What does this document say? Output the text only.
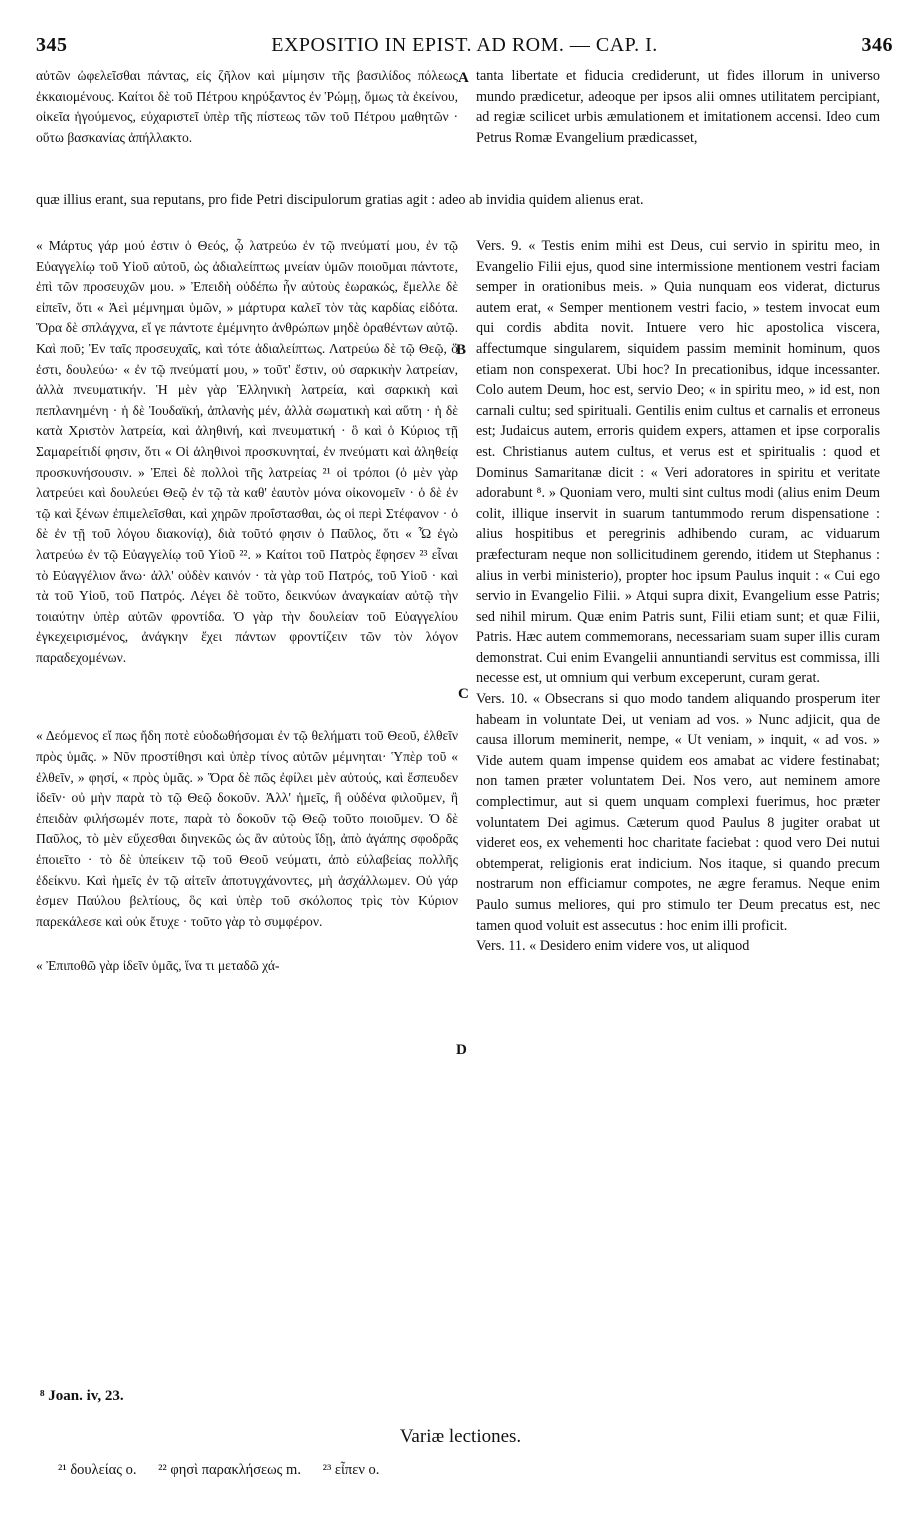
345	EXPOSITIO IN EPIST. AD ROM. — CAP. I.	346

αὐτῶν ὠφελεῖσθαι πάντας, εἰς ζῆλον καὶ μίμησιν τῆς βασιλίδος πόλεως ἐκκαιομένους. Καίτοι δὲ τοῦ Πέτρου κηρύξαντος ἐν Ῥώμῃ, ὅμως τὰ ἐκείνου, οἰκεῖα ἡγούμενος, εὐχαριστεῖ ὑπὲρ τῆς πίστεως τῶν τοῦ Πέτρου μαθητῶν · οὕτω βασκανίας ἀπήλλακτο.

tanta libertate et fiducia crediderunt, ut fides illorum in universo mundo prædicetur, adeoque per ipsos alii omnes utilitatem percipiant, ad regiæ scilicet urbis æmulationem et imitationem accensi. Ideo cum Petrus Romæ Evangelium prædicasset,

quæ illius erant, sua reputans, pro fide Petri discipulorum gratias agit : adeo ab invidia quidem alienus erat.

« Μάρτυς γάρ μού ἐστιν ὁ Θεός, ᾧ λατρεύω ἐν τῷ πνεύματί μου, ἐν τῷ Εὐαγγελίῳ τοῦ Υἱοῦ αὐτοῦ, ὡς ἀδιαλείπτως μνείαν ὑμῶν ποιοῦμαι πάντοτε, ἐπὶ τῶν προσευχῶν μου. » Ἐπειδὴ οὐδέπω ἦν αὐτοὺς ἑωρακώς, ἔμελλε δὲ εἰπεῖν, ὅτι « Ἀεὶ μέμνημαι ὑμῶν, » μάρτυρα καλεῖ τὸν τὰς καρδίας εἰδότα. Ὅρα δὲ σπλάγχνα, εἴ γε πάντοτε ἐμέμνητο ἀνθρώπων μηδὲ ὁραθέντων αὐτῷ. Καὶ ποῦ; Ἐν ταῖς προσευχαῖς, καὶ τότε ἀδιαλείπτως. Λατρεύω δὲ τῷ Θεῷ, ὅ ἐστι, δουλεύω· « ἐν τῷ πνεύματί μου, » τοῦτ' ἔστιν, οὐ σαρκικὴν λατρείαν, ἀλλὰ πνευματικήν. Ἡ μὲν γὰρ Ἑλληνικὴ λατρεία, καὶ σαρκικὴ καὶ πεπλανημένη · ἡ δὲ Ἰουδαϊκή, ἀπλανὴς μέν, ἀλλὰ σωματικὴ καὶ αὕτη · ἡ δὲ κατὰ Χριστὸν λατρεία, καὶ ἀληθινή, καὶ πνευματική · ὃ καὶ ὁ Κύριος τῇ Σαμαρείτιδί φησιν, ὅτι « Οἱ ἀληθινοὶ προσκυνηταί, ἐν πνεύματι καὶ ἀληθείᾳ προσκυνήσουσιν. » Ἐπεὶ δὲ πολλοὶ τῆς λατρείας ²¹ οἱ τρόποι (ὁ μὲν γὰρ λατρεύει καὶ δουλεύει Θεῷ ἐν τῷ τὰ καθ' ἑαυτὸν μόνα οἰκονομεῖν · ὁ δὲ ἐν τῷ καὶ ξένων ἐπιμελεῖσθαι, καὶ χηρῶν προΐστασθαι, ὡς οἱ περὶ Στέφανον · ὁ δὲ ἐν τῇ τοῦ λόγου διακονίᾳ), διὰ τοῦτό φησιν ὁ Παῦλος, ὅτι « Ὧ ἐγὼ λατρεύω ἐν τῷ Εὐαγγελίῳ τοῦ Υἱοῦ ²². » Καίτοι τοῦ Πατρὸς ἔφησεν ²³ εἶναι τὸ Εὐαγγέλιον ἄνω· ἀλλ' οὐδὲν καινόν · τὰ γὰρ τοῦ Πατρός, τοῦ Υἱοῦ · καὶ τὰ τοῦ Υἱοῦ, τοῦ Πατρός. Λέγει δὲ τοῦτο, δεικνύων ἀναγκαίαν αὐτῷ τὴν τοιαύτην ὑπὲρ αὐτῶν φροντίδα. Ὁ γὰρ τὴν δουλείαν τοῦ Εὐαγγελίου ἐγκεχειρισμένος, ἀνάγκην ἔχει πάντων φροντίζειν τῶν τὸν λόγον παραδεχομένων.

« Δεόμενος εἴ πως ἤδη ποτὲ εὐοδωθήσομαι ἐν τῷ θελήματι τοῦ Θεοῦ, ἐλθεῖν πρὸς ὑμᾶς. » Νῦν προστίθησι καὶ ὑπὲρ τίνος αὐτῶν μέμνηται· Ὑπὲρ τοῦ « ἐλθεῖν, » φησί, « πρὸς ὑμᾶς. » Ὅρα δὲ πῶς ἐφίλει μὲν αὐτούς, καὶ ἔσπευδεν ἰδεῖν· οὐ μὴν παρὰ τὸ τῷ Θεῷ δοκοῦν. Ἀλλ' ἡμεῖς, ἢ οὐδένα φιλοῦμεν, ἢ ἐπειδὰν φιλήσωμέν ποτε, παρὰ τὸ δοκοῦν τῷ Θεῷ τοῦτο ποιοῦμεν. Ὁ δὲ Παῦλος, τὸ μὲν εὔχεσθαι διηνεκῶς ὡς ἂν αὐτοὺς ἴδῃ, ἀπὸ ἀγάπης σφοδρᾶς ἐποιεῖτο · τὸ δὲ ὑπείκειν τῷ τοῦ Θεοῦ νεύματι, ἀπὸ εὐλαβείας πολλῆς ἐδείκνυ. Καὶ ἡμεῖς ἐν τῷ αἰτεῖν ἀποτυγχάνοντες, μὴ ἀσχάλλωμεν. Οὐ γάρ ἐσμεν Παύλου βελτίους, ὃς καὶ ὑπὲρ τοῦ σκόλοπος τρὶς τὸν Κύριον παρεκάλεσε καὶ οὐκ ἔτυχε · τοῦτο γὰρ τὸ συμφέρον.

« Ἐπιποθῶ γὰρ ἰδεῖν ὑμᾶς, ἵνα τι μεταδῶ χά-

Vers. 9. « Testis enim mihi est Deus, cui servio in spiritu meo, in Evangelio Filii ejus, quod sine intermissione mentionem vestri faciam semper in orationibus meis. » Quia nunquam eos viderat, dicturus autem erat, « Semper mentionem vestri facio, » testem invocat eum qui cordis abdita novit. Intuere vero hic apostolica viscera, affectumque singularem, siquidem passim meminit hominum, quos etiam non conspexerat. Ubi hoc? In precationibus, idque incessanter. Colo autem Deum, hoc est, servio Deo; « in spiritu meo, » id est, non carnali cultu; sed spirituali. Gentilis enim cultus et carnalis et erroneus est; Judaicus autem, erroris quidem expers, attamen et ipse corporalis est. Christianus autem cultus, et verus est et spiritualis : quod et Dominus Samaritanæ dicit : « Veri adoratores in spiritu et veritate adorabunt ⁸. » Quoniam vero, multi sint cultus modi (alius enim Deum colit, illique inservit in suarum tantummodo rerum dispensatione : alius hospitibus et peregrinis adhibendo curam, ac viduarum præfecturam neque non sollicitudinem gerendo, itidem ut Stephanus : alius in verbi ministerio), propter hoc ipsum Paulus inquit : « Cui ego servio in Evangelio Filii. » Atqui supra dixit, Evangelium esse Patris; sed nihil mirum. Quæ enim Patris sunt, Filii etiam sunt; et quæ Filii, Patris. Hæc autem commemorans, necessariam suam super illis curam demonstrat. Cui enim Evangelii annuntiandi servitus est commissa, illi necesse est, ut omnium qui verbum exceperunt, curam gerat.

Vers. 10. « Obsecrans si quo modo tandem aliquando prosperum iter habeam in voluntate Dei, ut veniam ad vos. » Nunc adjicit, qua de causa illorum meminerit, nempe, « Ut veniam, » inquit, « ad vos. » Vide autem quam impense quidem eos amabat ac videre festinabat; non tamen præter voluntatem Dei. Nos vero, aut neminem amore complectimur, aut si quem unquam complexi fuerimus, hoc præter voluntatem Dei agimus. Cæterum quod Paulus 8 jugiter orabat ut videret eos, ex vehementi hoc charitate faciebat : quod vero Dei nutui obtemperat, religionis erat indicium. Nos itaque, si quando precum nostrarum non efficiamur compotes, ne ægre feramus. Neque enim Paulo sumus meliores, qui pro stimulo ter Deum precatus est, nec tamen quod voluit est assecutus : hoc enim illi proficit.

Vers. 11. « Desidero enim videre vos, ut aliquod

A
B
C
D
⁸ Joan. iv, 23.
Variæ lectiones.
²¹ δουλείας ο. ²² φησὶ παρακλήσεως m. ²³ εἶπεν ο.
